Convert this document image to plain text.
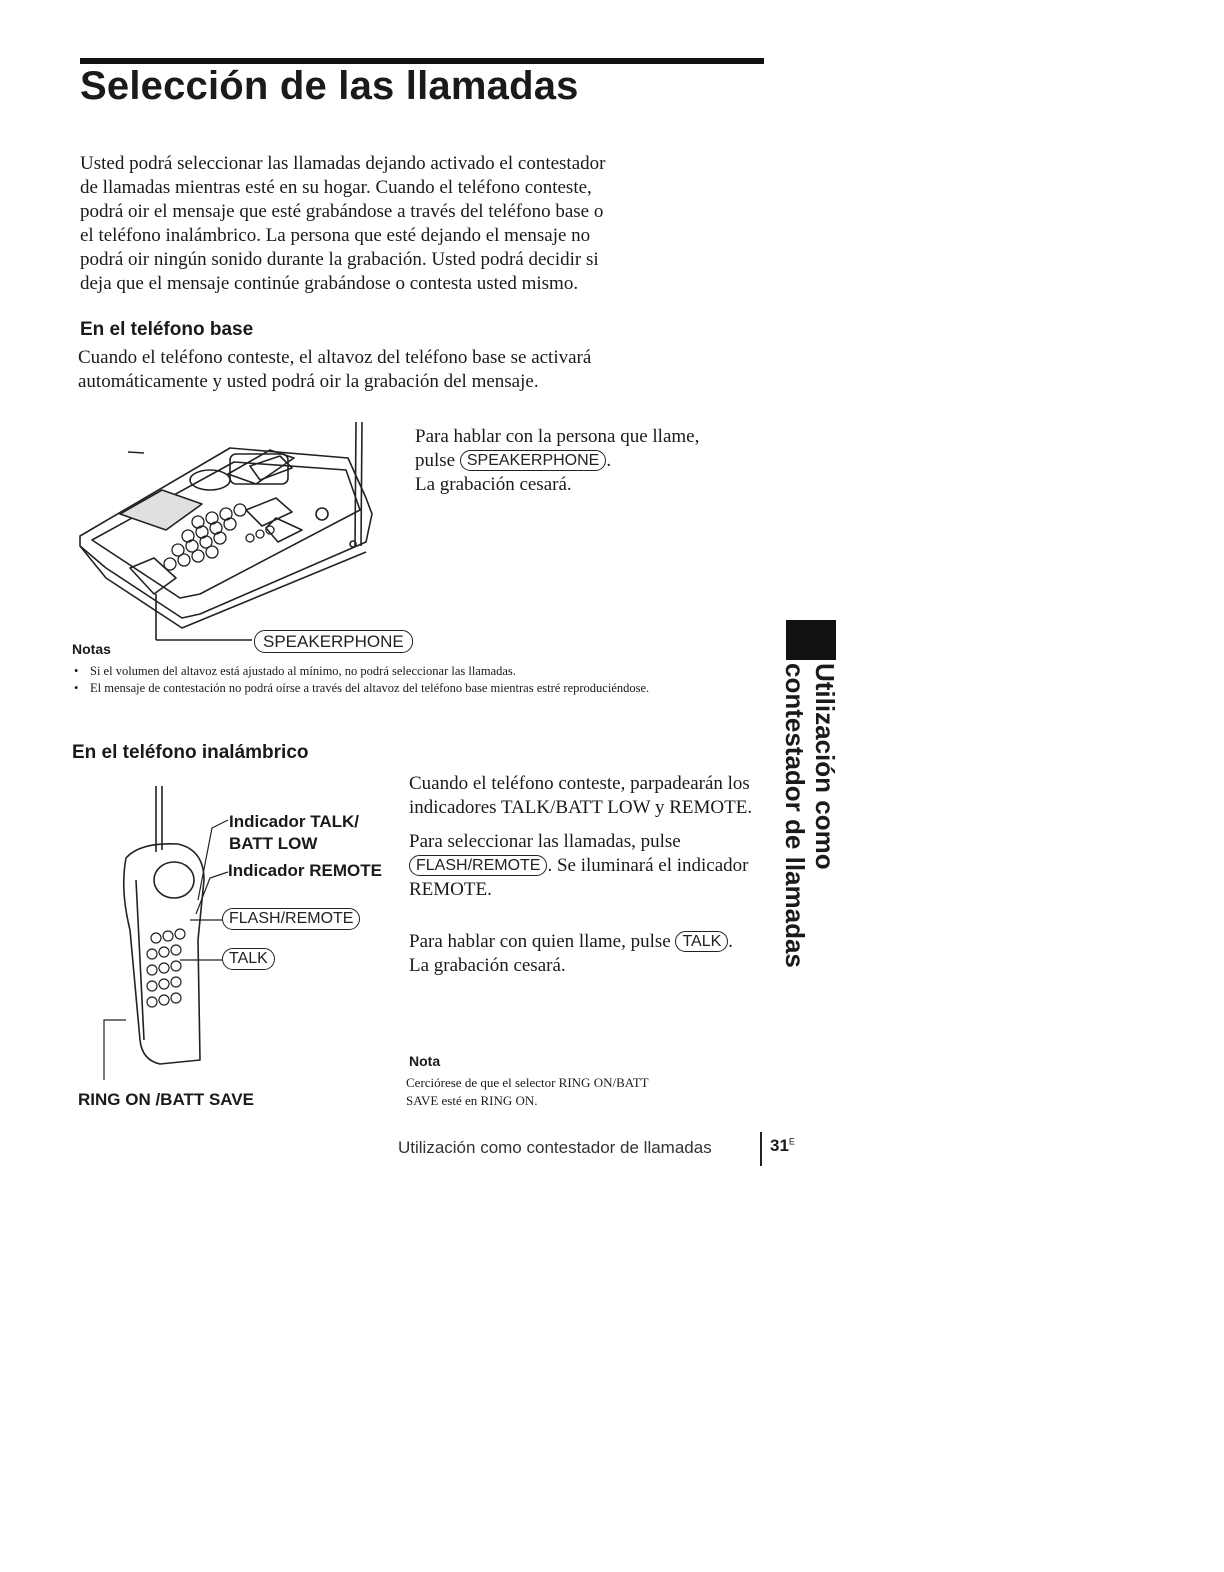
Selección de las llamadas
Usted podrá seleccionar las llamadas dejando activado el contestador
de llamadas mientras esté en su hogar. Cuando el teléfono conteste,
podrá oir el mensaje que esté grabándose a través del teléfono base o
el teléfono inalámbrico. La persona que esté dejando el mensaje no
podrá oir ningún sonido durante la grabación. Usted podrá decidir si
deja que el mensaje continúe grabándose o contesta usted mismo.
En el teléfono base
Cuando el teléfono conteste, el altavoz del teléfono base se activará
automáticamente y usted podrá oir la grabación del mensaje.
Para hablar con la persona que llame,
pulse SPEAKERPHONE .
La grabación cesará.
SPEAKERPHONE
Notas
• Si el volumen del altavoz está ajustado al mínimo, no podrá seleccionar las llamadas.
• El mensaje de contestación no podrá oírse a través del altavoz del teléfono base mientras estré reproduciéndose.
En el teléfono inalámbrico
Indicador TALK/
BATT LOW
Indicador REMOTE
FLASH/REMOTE
TALK
RING ON /BATT SAVE

Cuando el teléfono conteste, parpadearán los indicadores TALK/BATT LOW y REMOTE.

Para seleccionar las llamadas, pulse FLASH/REMOTE . Se iluminará el indicador REMOTE.

Para hablar con quien llame, pulse TALK .
La grabación cesará.

Nota
Cerciórese de que el selector RING ON/BATT
SAVE esté en RING ON.
Utilización como
contestador de llamadas
Utilización como contestador de llamadas	$31^E$
